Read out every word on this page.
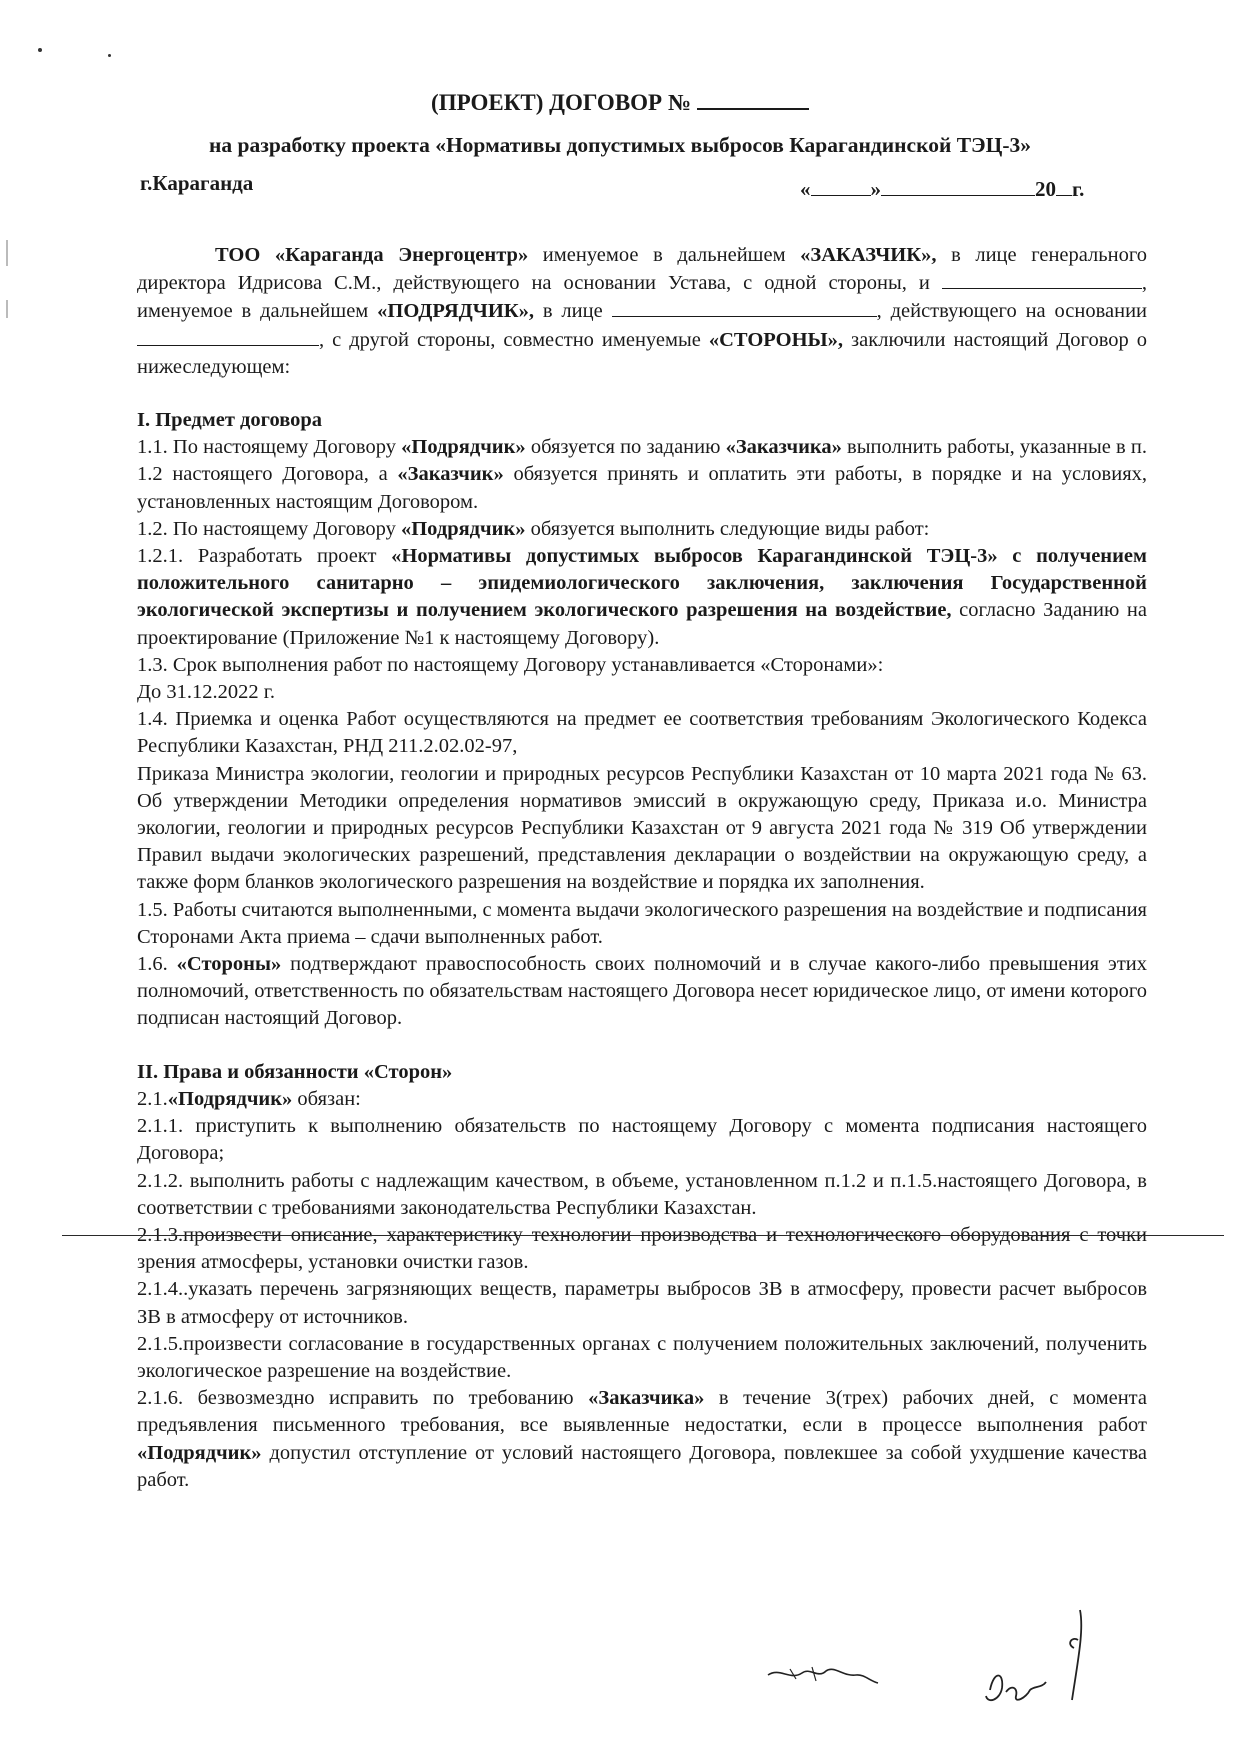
(ПРОЕКТ) ДОГОВОР №
на разработку проекта «Нормативы допустимых выбросов Карагандинской ТЭЦ-3»
г.Караганда	«	»	20 г.

ТОО «Караганда Энергоцентр» именуемое в дальнейшем «ЗАКАЗЧИК», в лице генерального директора Идрисова С.М., действующего на основании Устава, с одной стороны, и	, именуемое в дальнейшем «ПОДРЯДЧИК», в лице	, действующего на основании , с другой стороны, совместно именуемые «СТОРОНЫ», заключили настоящий Договор о нижеследующем:

I. Предмет договора

1.1. По настоящему Договору «Подрядчик» обязуется по заданию «Заказчика» выполнить работы, указанные в п. 1.2 настоящего Договора, а «Заказчик» обязуется принять и оплатить эти работы, в порядке и на условиях, установленных настоящим Договором.

1.2. По настоящему Договору «Подрядчик» обязуется выполнить следующие виды работ:

1.2.1. Разработать проект «Нормативы допустимых выбросов Карагандинской ТЭЦ-3» с получением положительного санитарно – эпидемиологического заключения, заключения Государственной экологической экспертизы и получением экологического разрешения на воздействие, согласно Заданию на проектирование (Приложение №1 к настоящему Договору).

1.3. Срок выполнения работ по настоящему Договору устанавливается «Сторонами»:

До 31.12.2022 г.

1.4. Приемка и оценка Работ осуществляются на предмет ее соответствия требованиям Экологического Кодекса Республики Казахстан, РНД 211.2.02.02-97,

Приказа Министра экологии, геологии и природных ресурсов Республики Казахстан от 10 марта 2021 года № 63. Об утверждении Методики определения нормативов эмиссий в окружающую среду, Приказа и.о. Министра экологии, геологии и природных ресурсов Республики Казахстан от 9 августа 2021 года № 319 Об утверждении Правил выдачи экологических разрешений, представления декларации о воздействии на окружающую среду, а также форм бланков экологического разрешения на воздействие и порядка их заполнения.

1.5. Работы считаются выполненными, с момента выдачи экологического разрешения на воздействие и подписания Сторонами Акта приема – сдачи выполненных работ.

1.6. «Стороны» подтверждают правоспособность своих полномочий и в случае какого-либо превышения этих полномочий, ответственность по обязательствам настоящего Договора несет юридическое лицо, от имени которого подписан настоящий Договор.

II. Права и обязанности «Сторон»

2.1.«Подрядчик» обязан:

2.1.1. приступить к выполнению обязательств по настоящему Договору с момента подписания настоящего Договора;

2.1.2. выполнить работы с надлежащим качеством, в объеме, установленном п.1.2 и п.1.5.настоящего Договора, в соответствии с требованиями законодательства Республики Казахстан.

2.1.3.произвести описание, характеристику технологии производства и технологического оборудования с точки зрения атмосферы, установки очистки газов.

2.1.4..указать перечень загрязняющих веществ, параметры выбросов ЗВ в атмосферу, провести расчет выбросов ЗВ в атмосферу от источников.

2.1.5.произвести согласование в государственных органах с получением положительных заключений, полученить экологическое разрешение на воздействие.

2.1.6. безвозмездно исправить по требованию «Заказчика» в течение 3(трех) рабочих дней, с момента предъявления письменного требования, все выявленные недостатки, если в процессе выполнения работ «Подрядчик» допустил отступление от условий настоящего Договора, повлекшее за собой ухудшение качества работ.
